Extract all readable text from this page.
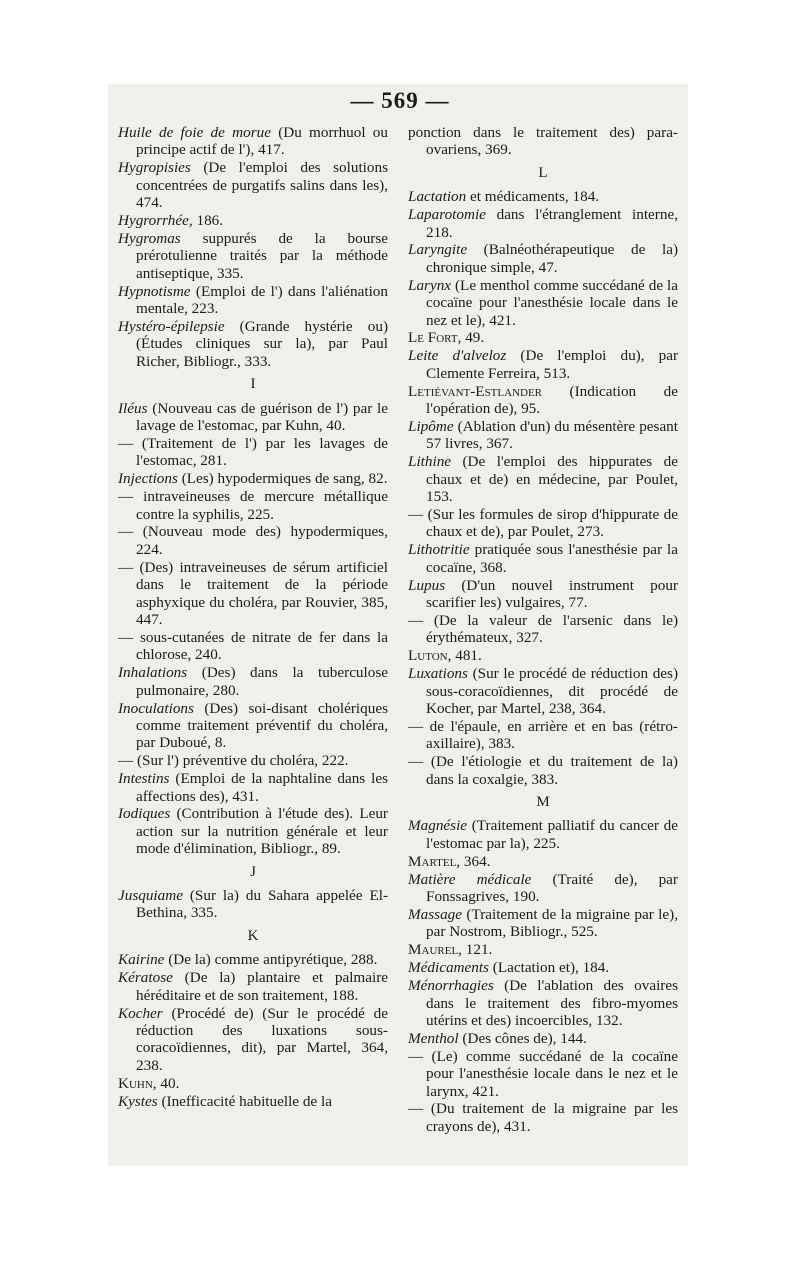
— 569 —
Huile de foie de morue (Du morrhuol ou principe actif de l'), 417.
Hygropisies (De l'emploi des solutions concentrées de purgatifs salins dans les), 474.
Hygrorrhée, 186.
Hygromas suppurés de la bourse prérotulienne traités par la méthode antiseptique, 335.
Hypnotisme (Emploi de l') dans l'aliénation mentale, 223.
Hystéro-épilepsie (Grande hystérie ou) (Études cliniques sur la), par Paul Richer, Bibliogr., 333.
I
Iléus (Nouveau cas de guérison de l') par le lavage de l'estomac, par Kuhn, 40.
— (Traitement de l') par les lavages de l'estomac, 281.
Injections (Les) hypodermiques de sang, 82.
— intraveineuses de mercure métallique contre la syphilis, 225.
— (Nouveau mode des) hypodermiques, 224.
— (Des) intraveineuses de sérum artificiel dans le traitement de la période asphyxique du choléra, par Rouvier, 385, 447.
— sous-cutanées de nitrate de fer dans la chlorose, 240.
Inhalations (Des) dans la tuberculose pulmonaire, 280.
Inoculations (Des) soi-disant cholériques comme traitement préventif du choléra, par Duboué, 8.
— (Sur l') préventive du choléra, 222.
Intestins (Emploi de la naphtaline dans les affections des), 431.
Iodiques (Contribution à l'étude des). Leur action sur la nutrition générale et leur mode d'élimination, Bibliogr., 89.
J
Jusquiame (Sur la) du Sahara appelée El-Bethina, 335.
K
Kairine (De la) comme antipyrétique, 288.
Kératose (De la) plantaire et palmaire héréditaire et de son traitement, 188.
Kocher (Procédé de) (Sur le procédé de réduction des luxations sous-coracoïdiennes, dit), par Martel, 364, 238.
Kuhn, 40.
Kystes (Inefficacité habituelle de la
ponction dans le traitement des) para-ovariens, 369.
L
Lactation et médicaments, 184.
Laparotomie dans l'étranglement interne, 218.
Laryngite (Balnéothérapeutique de la) chronique simple, 47.
Larynx (Le menthol comme succédané de la cocaïne pour l'anesthésie locale dans le nez et le), 421.
Le Fort, 49.
Leite d'alveloz (De l'emploi du), par Clemente Ferreira, 513.
Letiévant-Estlander (Indication de l'opération de), 95.
Lipôme (Ablation d'un) du mésentère pesant 57 livres, 367.
Lithine (De l'emploi des hippurates de chaux et de) en médecine, par Poulet, 153.
— (Sur les formules de sirop d'hippurate de chaux et de), par Poulet, 273.
Lithotritie pratiquée sous l'anesthésie par la cocaïne, 368.
Lupus (D'un nouvel instrument pour scarifier les) vulgaires, 77.
— (De la valeur de l'arsenic dans le) érythémateux, 327.
Luton, 481.
Luxations (Sur le procédé de réduction des) sous-coracoïdiennes, dit procédé de Kocher, par Martel, 238, 364.
— de l'épaule, en arrière et en bas (rétro-axillaire), 383.
— (De l'étiologie et du traitement de la) dans la coxalgie, 383.
M
Magnésie (Traitement palliatif du cancer de l'estomac par la), 225.
Martel, 364.
Matière médicale (Traité de), par Fonssagrives, 190.
Massage (Traitement de la migraine par le), par Nostrom, Bibliogr., 525.
Maurel, 121.
Médicaments (Lactation et), 184.
Ménorrhagies (De l'ablation des ovaires dans le traitement des fibro-myomes utérins et des) incoercibles, 132.
Menthol (Des cônes de), 144.
— (Le) comme succédané de la cocaïne pour l'anesthésie locale dans le nez et le larynx, 421.
— (Du traitement de la migraine par les crayons de), 431.
